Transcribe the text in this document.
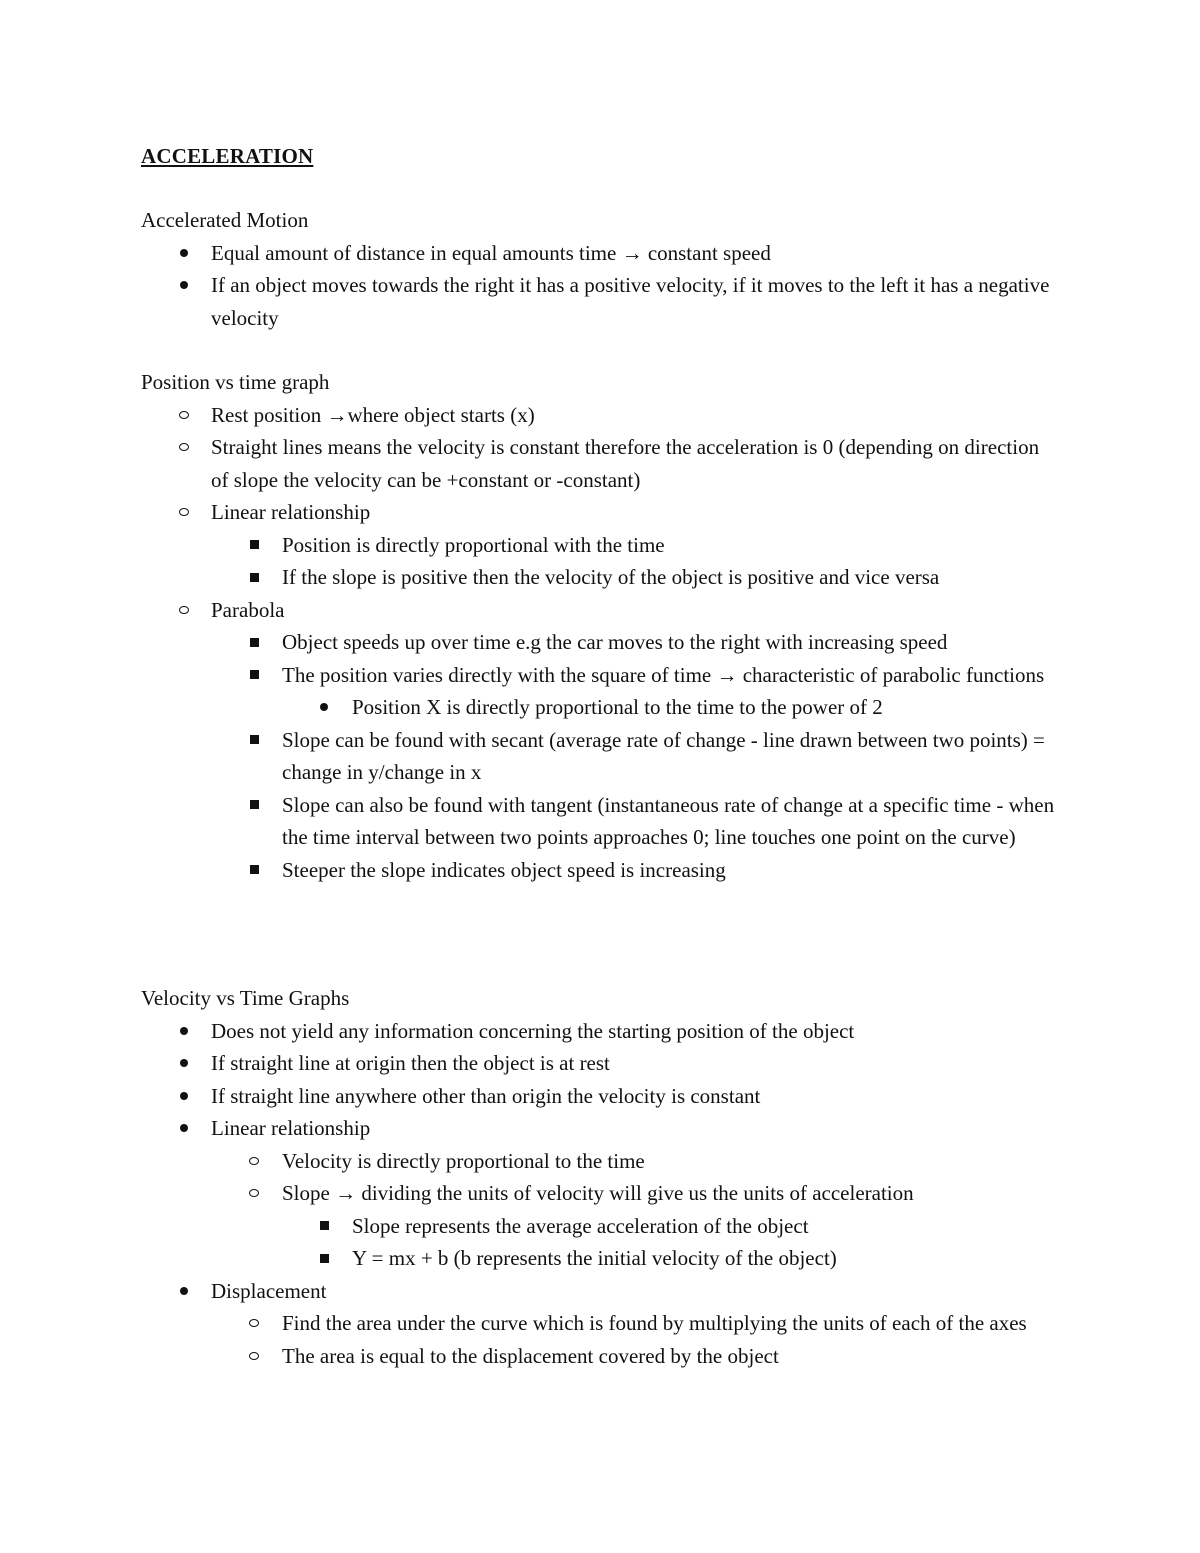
ACCELERATION

Accelerated Motion

Equal amount of distance in equal amounts time → constant speed
If an object moves towards the right it has a positive velocity, if it moves to the left it has a negative velocity

Position vs time graph

Rest position →where object starts (x)
Straight lines means the velocity is constant therefore the acceleration is 0 (depending on direction of slope the velocity can be +constant or -constant)
Linear relationship
Position is directly proportional with the time
If the slope is positive then the velocity of the object is positive and vice versa
Parabola
Object speeds up over time e.g the car moves to the right with increasing speed
The position varies directly with the square of time → characteristic of parabolic functions
Position X is directly proportional to the time to the power of 2
Slope can be found with secant (average rate of change - line drawn between two points) = change in y/change in x
Slope can also be found with tangent (instantaneous rate of change at a specific time - when the time interval between two points approaches 0; line touches one point on the curve)
Steeper the slope indicates object speed is increasing

Velocity vs Time Graphs

Does not yield any information concerning the starting position of the object
If straight line at origin then the object is at rest
If straight line anywhere other than origin the velocity is constant
Linear relationship
Velocity is directly proportional to the time
Slope → dividing the units of velocity will give us the units of acceleration
Slope represents the average acceleration of the object
Y = mx + b (b represents the initial velocity of the object)
Displacement
Find the area under the curve which is found by multiplying the units of each of the axes
The area is equal to the displacement covered by the object
